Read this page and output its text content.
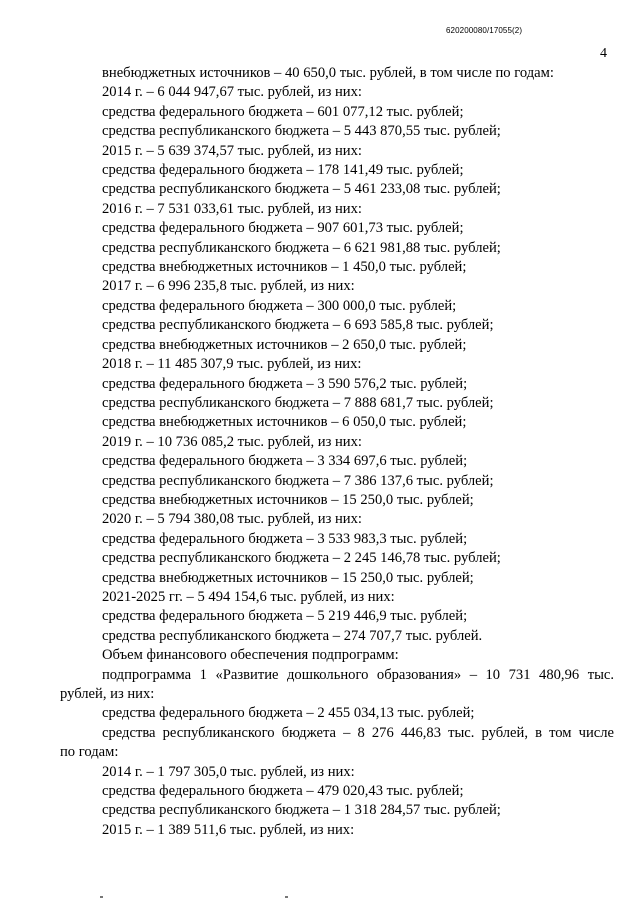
620200080/17055(2)
4
внебюджетных источников – 40 650,0 тыс. рублей, в том числе по годам:
2014 г. – 6 044 947,67 тыс. рублей, из них:
средства федерального бюджета – 601 077,12 тыс. рублей;
средства республиканского бюджета – 5 443 870,55 тыс. рублей;
2015 г. – 5 639 374,57 тыс. рублей, из них:
средства федерального бюджета – 178 141,49 тыс. рублей;
средства республиканского бюджета – 5 461 233,08 тыс. рублей;
2016 г. – 7 531 033,61 тыс. рублей, из них:
средства федерального бюджета – 907 601,73 тыс. рублей;
средства республиканского бюджета – 6 621 981,88 тыс. рублей;
средства внебюджетных источников – 1 450,0 тыс. рублей;
2017 г. – 6 996 235,8 тыс. рублей, из них:
средства федерального бюджета – 300 000,0 тыс. рублей;
средства республиканского бюджета – 6 693 585,8 тыс. рублей;
средства внебюджетных источников – 2 650,0 тыс. рублей;
2018 г. – 11 485 307,9 тыс. рублей, из них:
средства федерального бюджета – 3 590 576,2 тыс. рублей;
средства республиканского бюджета – 7 888 681,7 тыс. рублей;
средства внебюджетных источников – 6 050,0 тыс. рублей;
2019 г. – 10 736 085,2 тыс. рублей, из них:
средства федерального бюджета – 3 334 697,6 тыс. рублей;
средства республиканского бюджета – 7 386 137,6 тыс. рублей;
средства внебюджетных источников – 15 250,0 тыс. рублей;
2020 г. – 5 794 380,08 тыс. рублей, из них:
средства федерального бюджета – 3 533 983,3 тыс. рублей;
средства республиканского бюджета – 2 245 146,78 тыс. рублей;
средства внебюджетных источников – 15 250,0 тыс. рублей;
2021-2025 гг. – 5 494 154,6 тыс. рублей, из них:
средства федерального бюджета – 5 219 446,9 тыс. рублей;
средства республиканского бюджета – 274 707,7 тыс. рублей.
Объем финансового обеспечения подпрограмм:
подпрограмма 1 «Развитие дошкольного образования» – 10 731 480,96 тыс.
рублей, из них:
средства федерального бюджета – 2 455 034,13 тыс. рублей;
средства республиканского бюджета – 8 276 446,83 тыс. рублей, в том числе
по годам:
2014 г. – 1 797 305,0 тыс. рублей, из них:
средства федерального бюджета – 479 020,43 тыс. рублей;
средства республиканского бюджета – 1 318 284,57 тыс. рублей;
2015 г. – 1 389 511,6 тыс. рублей, из них:
